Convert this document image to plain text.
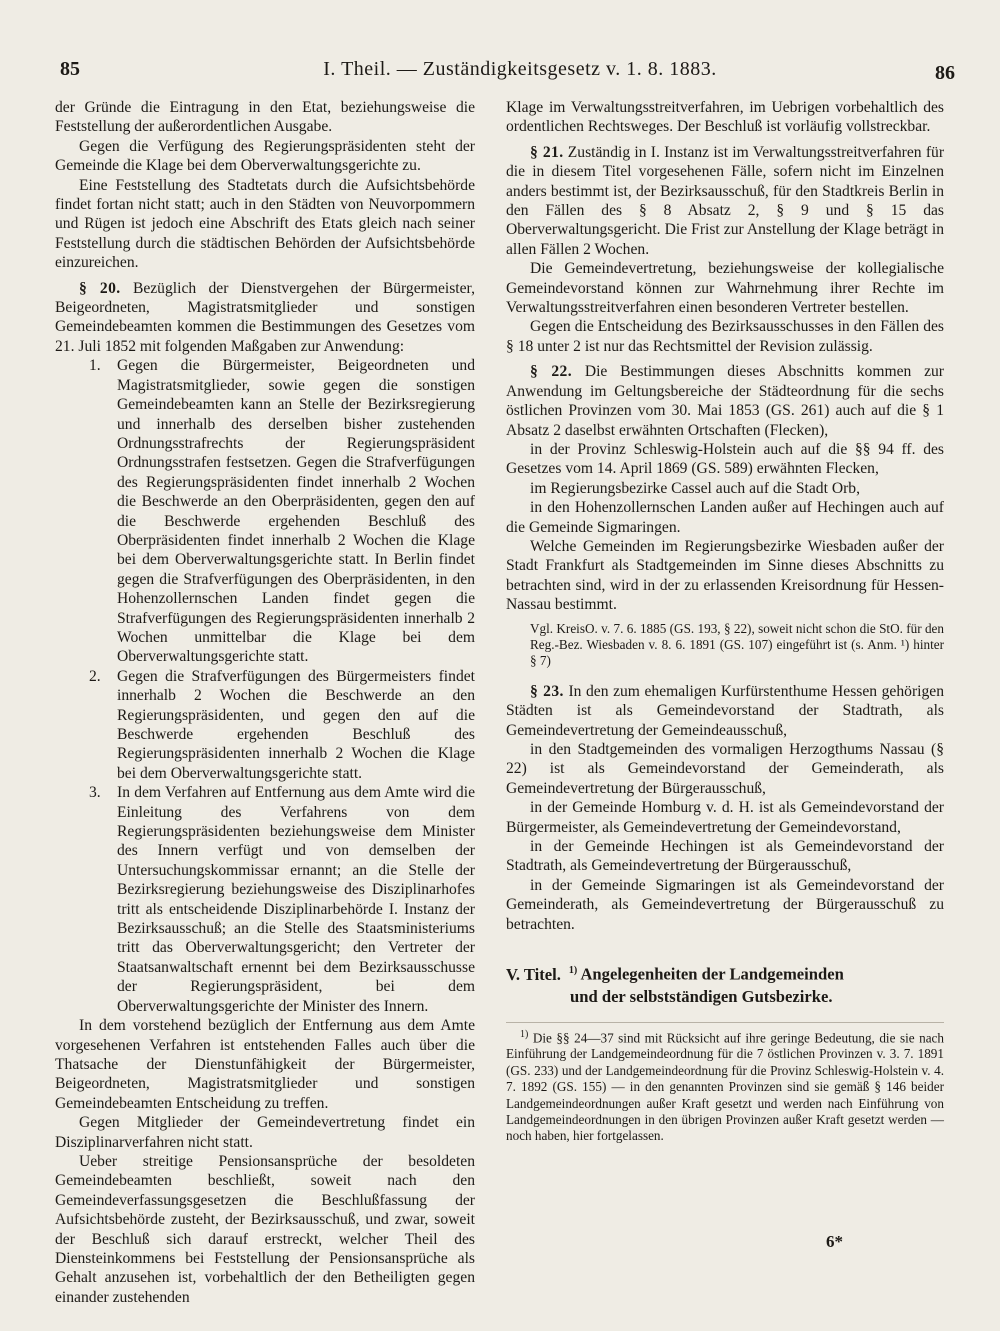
85	I. Theil. — Zuständigkeitsgesetz v. 1. 8. 1883.	86

der Gründe die Eintragung in den Etat, beziehungsweise die Feststellung der außerordentlichen Ausgabe.

Gegen die Verfügung des Regierungspräsidenten steht der Gemeinde die Klage bei dem Oberverwaltungsgerichte zu.

Eine Feststellung des Stadtetats durch die Aufsichtsbehörde findet fortan nicht statt; auch in den Städten von Neuvorpommern und Rügen ist jedoch eine Abschrift des Etats gleich nach seiner Feststellung durch die städtischen Behörden der Aufsichtsbehörde einzureichen.

§ 20. Bezüglich der Dienstvergehen der Bürgermeister, Beigeordneten, Magistratsmitglieder und sonstigen Gemeindebeamten kommen die Bestimmungen des Gesetzes vom 21. Juli 1852 mit folgenden Maßgaben zur Anwendung:

1. Gegen die Bürgermeister, Beigeordneten und Magistratsmitglieder, sowie gegen die sonstigen Gemeindebeamten kann an Stelle der Bezirksregierung und innerhalb des derselben bisher zustehenden Ordnungsstrafrechts der Regierungspräsident Ordnungsstrafen festsetzen. Gegen die Strafverfügungen des Regierungspräsidenten findet innerhalb 2 Wochen die Beschwerde an den Oberpräsidenten, gegen den auf die Beschwerde ergehenden Beschluß des Oberpräsidenten findet innerhalb 2 Wochen die Klage bei dem Oberverwaltungsgerichte statt. In Berlin findet gegen die Strafverfügungen des Oberpräsidenten, in den Hohenzollernschen Landen findet gegen die Strafverfügungen des Regierungspräsidenten innerhalb 2 Wochen unmittelbar die Klage bei dem Oberverwaltungsgerichte statt.
2. Gegen die Strafverfügungen des Bürgermeisters findet innerhalb 2 Wochen die Beschwerde an den Regierungspräsidenten, und gegen den auf die Beschwerde ergehenden Beschluß des Regierungspräsidenten innerhalb 2 Wochen die Klage bei dem Oberverwaltungsgerichte statt.
3. In dem Verfahren auf Entfernung aus dem Amte wird die Einleitung des Verfahrens von dem Regierungspräsidenten beziehungsweise dem Minister des Innern verfügt und von demselben der Untersuchungskommissar ernannt; an die Stelle der Bezirksregierung beziehungsweise des Disziplinarhofes tritt als entscheidende Disziplinarbehörde I. Instanz der Bezirksausschuß; an die Stelle des Staatsministeriums tritt das Oberverwaltungsgericht; den Vertreter der Staatsanwaltschaft ernennt bei dem Bezirksausschusse der Regierungspräsident, bei dem Oberverwaltungsgerichte der Minister des Innern.

In dem vorstehend bezüglich der Entfernung aus dem Amte vorgesehenen Verfahren ist entstehenden Falles auch über die Thatsache der Dienstunfähigkeit der Bürgermeister, Beigeordneten, Magistratsmitglieder und sonstigen Gemeindebeamten Entscheidung zu treffen.

Gegen Mitglieder der Gemeindevertretung findet ein Disziplinarverfahren nicht statt.

Ueber streitige Pensionsansprüche der besoldeten Gemeindebeamten beschließt, soweit nach den Gemeindeverfassungsgesetzen die Beschlußfassung der Aufsichtsbehörde zusteht, der Bezirksausschuß, und zwar, soweit der Beschluß sich darauf erstreckt, welcher Theil des Diensteinkommens bei Feststellung der Pensionsansprüche als Gehalt anzusehen ist, vorbehaltlich der den Betheiligten gegen einander zustehenden

Klage im Verwaltungsstreitverfahren, im Uebrigen vorbehaltlich des ordentlichen Rechtsweges. Der Beschluß ist vorläufig vollstreckbar.

§ 21. Zuständig in I. Instanz ist im Verwaltungsstreitverfahren für die in diesem Titel vorgesehenen Fälle, sofern nicht im Einzelnen anders bestimmt ist, der Bezirksausschuß, für den Stadtkreis Berlin in den Fällen des § 8 Absatz 2, § 9 und § 15 das Oberverwaltungsgericht. Die Frist zur Anstellung der Klage beträgt in allen Fällen 2 Wochen.

Die Gemeindevertretung, beziehungsweise der kollegialische Gemeindevorstand können zur Wahrnehmung ihrer Rechte im Verwaltungsstreitverfahren einen besonderen Vertreter bestellen.

Gegen die Entscheidung des Bezirksausschusses in den Fällen des § 18 unter 2 ist nur das Rechtsmittel der Revision zulässig.

§ 22. Die Bestimmungen dieses Abschnitts kommen zur Anwendung im Geltungsbereiche der Städteordnung für die sechs östlichen Provinzen vom 30. Mai 1853 (GS. 261) auch auf die § 1 Absatz 2 daselbst erwähnten Ortschaften (Flecken),

in der Provinz Schleswig-Holstein auch auf die §§ 94 ff. des Gesetzes vom 14. April 1869 (GS. 589) erwähnten Flecken,

im Regierungsbezirke Cassel auch auf die Stadt Orb,

in den Hohenzollernschen Landen außer auf Hechingen auch auf die Gemeinde Sigmaringen.

Welche Gemeinden im Regierungsbezirke Wiesbaden außer der Stadt Frankfurt als Stadtgemeinden im Sinne dieses Abschnitts zu betrachten sind, wird in der zu erlassenden Kreisordnung für Hessen-Nassau bestimmt.

Vgl. KreisO. v. 7. 6. 1885 (GS. 193, § 22), soweit nicht schon die StO. für den Reg.-Bez. Wiesbaden v. 8. 6. 1891 (GS. 107) eingeführt ist (s. Anm. ¹) hinter § 7)

§ 23. In den zum ehemaligen Kurfürstenthume Hessen gehörigen Städten ist als Gemeindevorstand der Stadtrath, als Gemeindevertretung der Gemeindeausschuß,

in den Stadtgemeinden des vormaligen Herzogthums Nassau (§ 22) ist als Gemeindevorstand der Gemeinderath, als Gemeindevertretung der Bürgerausschuß,

in der Gemeinde Homburg v. d. H. ist als Gemeindevorstand der Bürgermeister, als Gemeindevertretung der Gemeindevorstand,

in der Gemeinde Hechingen ist als Gemeindevorstand der Stadtrath, als Gemeindevertretung der Bürgerausschuß,

in der Gemeinde Sigmaringen ist als Gemeindevorstand der Gemeinderath, als Gemeindevertretung der Bürgerausschuß zu betrachten.

V. Titel. $^{1)}$ Angelegenheiten der Landgemeinden
und der selbstständigen Gutsbezirke.

$^{1)}$ Die §§ 24—37 sind mit Rücksicht auf ihre geringe Bedeutung, die sie nach Einführung der Landgemeindeordnung für die 7 östlichen Provinzen v. 3. 7. 1891 (GS. 233) und der Landgemeindeordnung für die Provinz Schleswig-Holstein v. 4. 7. 1892 (GS. 155) — in den genannten Provinzen sind sie gemäß § 146 beider Landgemeindeordnungen außer Kraft gesetzt und werden nach Einführung von Landgemeindeordnungen in den übrigen Provinzen außer Kraft gesetzt werden — noch haben, hier fortgelassen.

6*
